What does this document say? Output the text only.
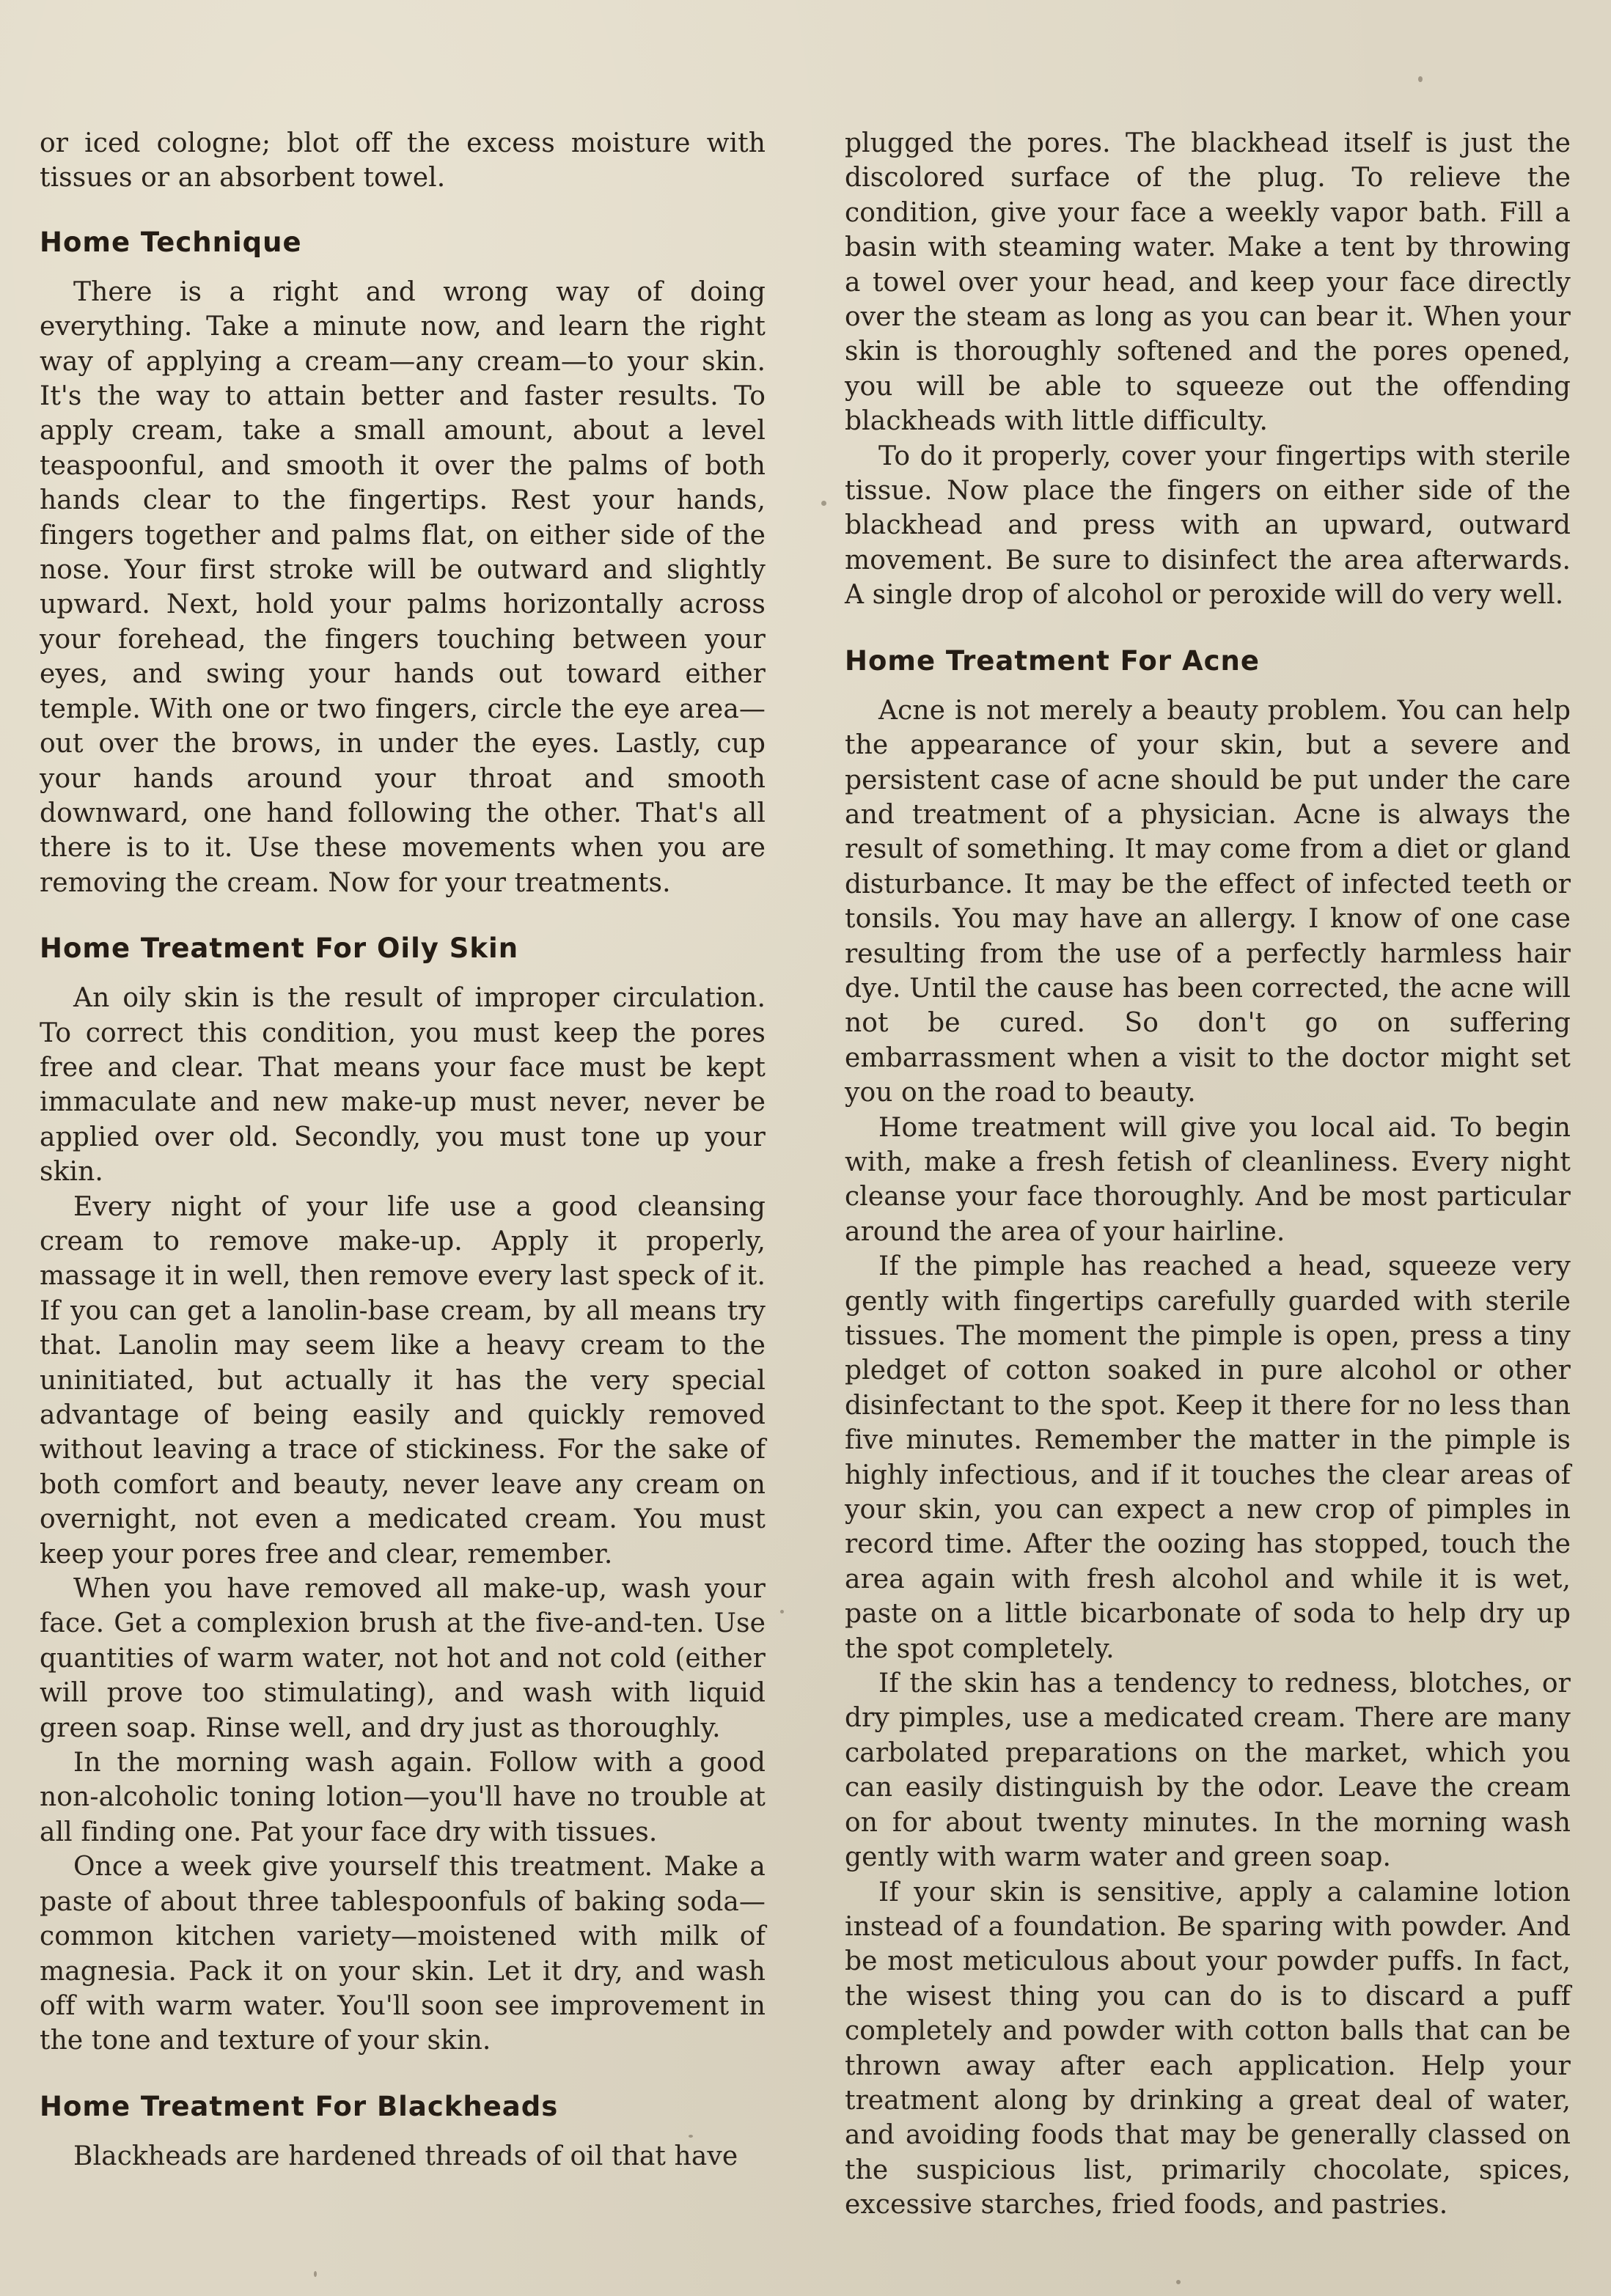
or iced cologne; blot off the excess moisture with tissues or an absorbent towel.

Home Technique

There is a right and wrong way of doing everything. Take a minute now, and learn the right way of applying a cream—any cream—to your skin. It's the way to attain better and faster results. To apply cream, take a small amount, about a level teaspoonful, and smooth it over the palms of both hands clear to the fingertips. Rest your hands, fingers together and palms flat, on either side of the nose. Your first stroke will be outward and slightly upward. Next, hold your palms horizontally across your forehead, the fingers touching between your eyes, and swing your hands out toward either temple. With one or two fingers, circle the eye area—out over the brows, in under the eyes. Lastly, cup your hands around your throat and smooth downward, one hand following the other. That's all there is to it. Use these movements when you are removing the cream. Now for your treatments.

Home Treatment For Oily Skin

An oily skin is the result of improper circulation. To correct this condition, you must keep the pores free and clear. That means your face must be kept immaculate and new make-up must never, never be applied over old. Secondly, you must tone up your skin.

Every night of your life use a good cleansing cream to remove make-up. Apply it properly, massage it in well, then remove every last speck of it. If you can get a lanolin-base cream, by all means try that. Lanolin may seem like a heavy cream to the uninitiated, but actually it has the very special advantage of being easily and quickly removed without leaving a trace of stickiness. For the sake of both comfort and beauty, never leave any cream on overnight, not even a medicated cream. You must keep your pores free and clear, remember.

When you have removed all make-up, wash your face. Get a complexion brush at the five-and-ten. Use quantities of warm water, not hot and not cold (either will prove too stimulating), and wash with liquid green soap. Rinse well, and dry just as thoroughly.

In the morning wash again. Follow with a good non-alcoholic toning lotion—you'll have no trouble at all finding one. Pat your face dry with tissues.

Once a week give yourself this treatment. Make a paste of about three tablespoonfuls of baking soda—common kitchen variety—moistened with milk of magnesia. Pack it on your skin. Let it dry, and wash off with warm water. You'll soon see improvement in the tone and texture of your skin.

Home Treatment For Blackheads

Blackheads are hardened threads of oil that have

plugged the pores. The blackhead itself is just the discolored surface of the plug. To relieve the condition, give your face a weekly vapor bath. Fill a basin with steaming water. Make a tent by throwing a towel over your head, and keep your face directly over the steam as long as you can bear it. When your skin is thoroughly softened and the pores opened, you will be able to squeeze out the offending blackheads with little difficulty.

To do it properly, cover your fingertips with sterile tissue. Now place the fingers on either side of the blackhead and press with an upward, outward movement. Be sure to disinfect the area afterwards. A single drop of alcohol or peroxide will do very well.

Home Treatment For Acne

Acne is not merely a beauty problem. You can help the appearance of your skin, but a severe and persistent case of acne should be put under the care and treatment of a physician. Acne is always the result of something. It may come from a diet or gland disturbance. It may be the effect of infected teeth or tonsils. You may have an allergy. I know of one case resulting from the use of a perfectly harmless hair dye. Until the cause has been corrected, the acne will not be cured. So don't go on suffering embarrassment when a visit to the doctor might set you on the road to beauty.

Home treatment will give you local aid. To begin with, make a fresh fetish of cleanliness. Every night cleanse your face thoroughly. And be most particular around the area of your hairline.

If the pimple has reached a head, squeeze very gently with fingertips carefully guarded with sterile tissues. The moment the pimple is open, press a tiny pledget of cotton soaked in pure alcohol or other disinfectant to the spot. Keep it there for no less than five minutes. Remember the matter in the pimple is highly infectious, and if it touches the clear areas of your skin, you can expect a new crop of pimples in record time. After the oozing has stopped, touch the area again with fresh alcohol and while it is wet, paste on a little bicarbonate of soda to help dry up the spot completely.

If the skin has a tendency to redness, blotches, or dry pimples, use a medicated cream. There are many carbolated preparations on the market, which you can easily distinguish by the odor. Leave the cream on for about twenty minutes. In the morning wash gently with warm water and green soap.

If your skin is sensitive, apply a calamine lotion instead of a foundation. Be sparing with powder. And be most meticulous about your powder puffs. In fact, the wisest thing you can do is to discard a puff completely and powder with cotton balls that can be thrown away after each application. Help your treatment along by drinking a great deal of water, and avoiding foods that may be generally classed on the suspicious list, primarily chocolate, spices, excessive starches, fried foods, and pastries.
